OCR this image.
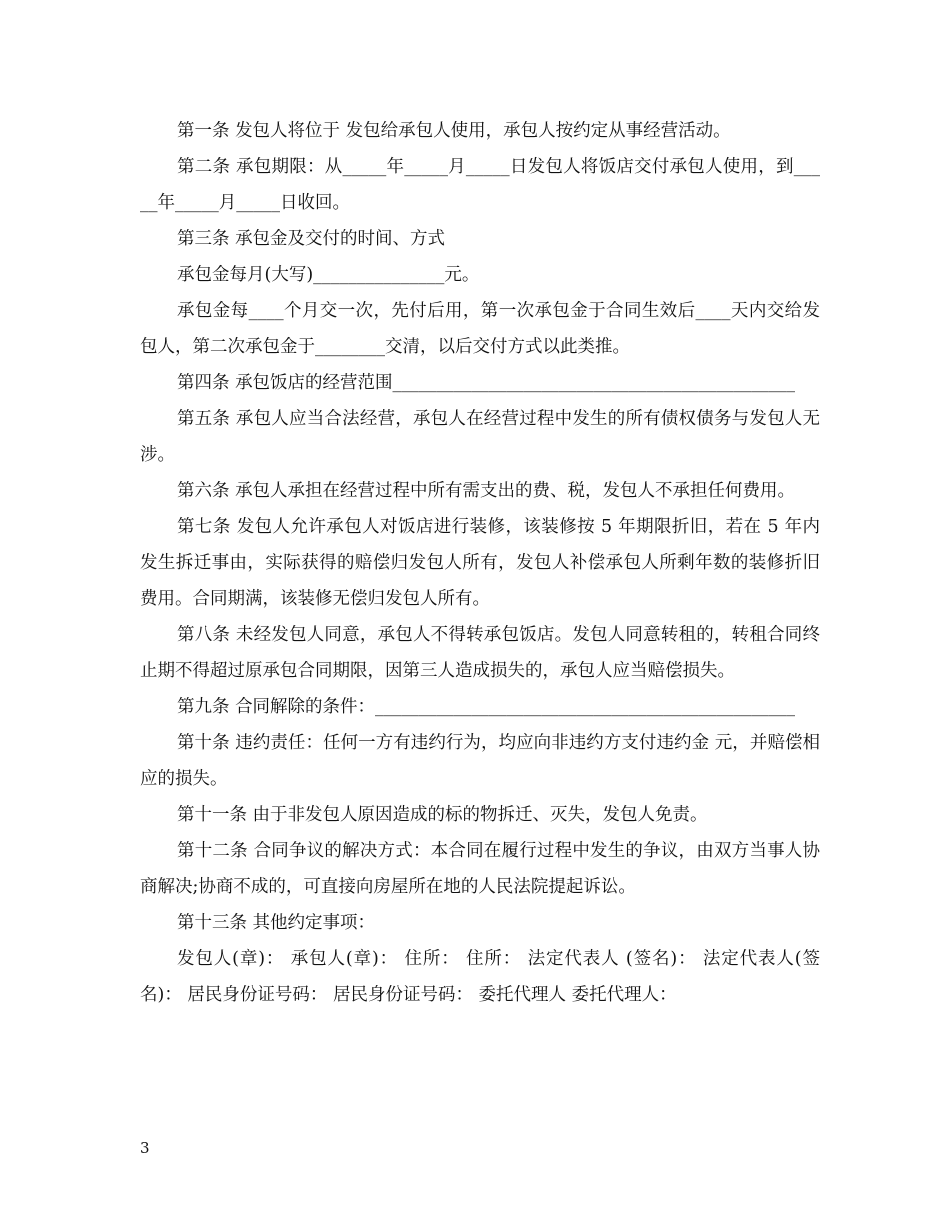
第一条 发包人将位于 发包给承包人使用，承包人按约定从事经营活动。

第二条 承包期限：从_____年_____月_____日发包人将饭店交付承包人使用，到_____年_____月_____日收回。

第三条 承包金及交付的时间、方式

承包金每月(大写)_______________元。

承包金每____个月交一次，先付后用，第一次承包金于合同生效后____天内交给发包人，第二次承包金于________交清，以后交付方式以此类推。

第四条 承包饭店的经营范围______________________________________________

第五条 承包人应当合法经营，承包人在经营过程中发生的所有债权债务与发包人无涉。

第六条 承包人承担在经营过程中所有需支出的费、税，发包人不承担任何费用。

第七条 发包人允许承包人对饭店进行装修，该装修按 5 年期限折旧，若在 5 年内发生拆迁事由，实际获得的赔偿归发包人所有，发包人补偿承包人所剩年数的装修折旧费用。合同期满，该装修无偿归发包人所有。

第八条 未经发包人同意，承包人不得转承包饭店。发包人同意转租的，转租合同终止期不得超过原承包合同期限，因第三人造成损失的，承包人应当赔偿损失。

第九条 合同解除的条件：________________________________________________

第十条 违约责任：任何一方有违约行为，均应向非违约方支付违约金 元，并赔偿相应的损失。

第十一条 由于非发包人原因造成的标的物拆迁、灭失，发包人免责。

第十二条 合同争议的解决方式：本合同在履行过程中发生的争议，由双方当事人协商解决;协商不成的，可直接向房屋所在地的人民法院提起诉讼。

第十三条 其他约定事项：

发包人(章)： 承包人(章)： 住所： 住所： 法定代表人 (签名)： 法定代表人(签名)： 居民身份证号码： 居民身份证号码： 委托代理人 委托代理人：

3
